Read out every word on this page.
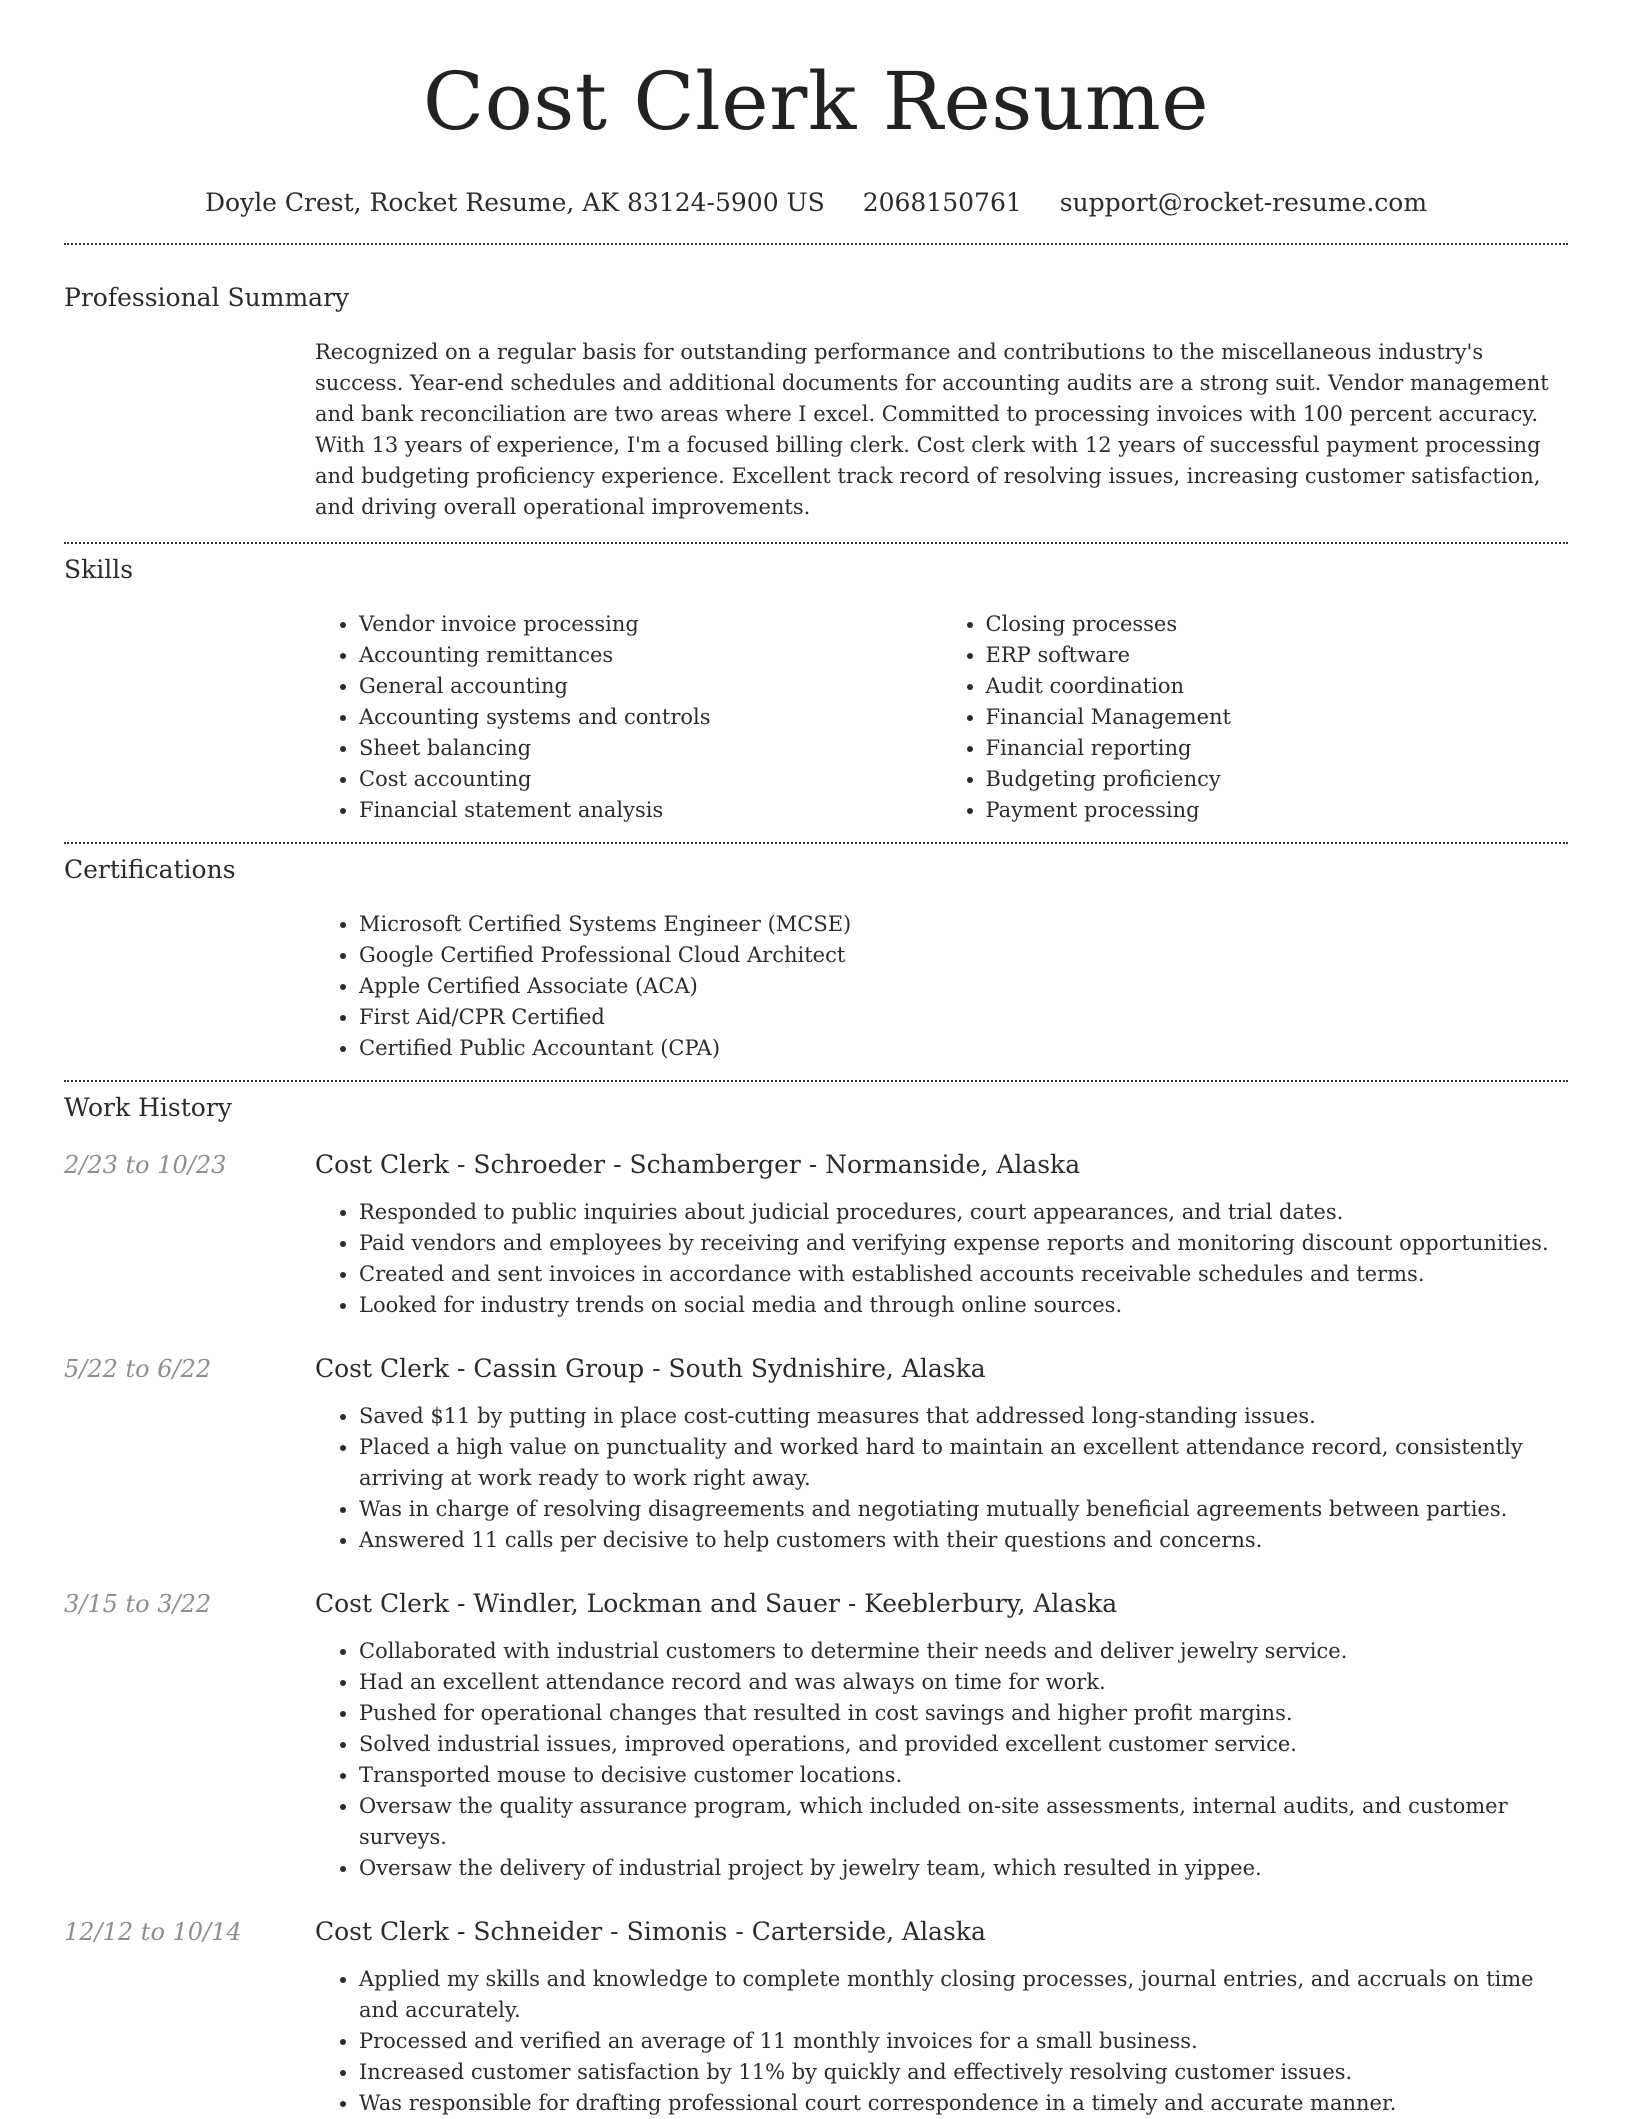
Cost Clerk Resume
Doyle Crest, Rocket Resume, AK 83124-5900 US 2068150761 support@rocket-resume.com
Professional Summary

Recognized on a regular basis for outstanding performance and contributions to the miscellaneous industry's success. Year-end schedules and additional documents for accounting audits are a strong suit. Vendor management and bank reconciliation are two areas where I excel. Committed to processing invoices with 100 percent accuracy. With 13 years of experience, I'm a focused billing clerk. Cost clerk with 12 years of successful payment processing and budgeting proficiency experience. Excellent track record of resolving issues, increasing customer satisfaction, and driving overall operational improvements.

Skills
• Vendor invoice processing
• Accounting remittances
• General accounting
• Accounting systems and controls
• Sheet balancing
• Cost accounting
• Financial statement analysis
• Closing processes
• ERP software
• Audit coordination
• Financial Management
• Financial reporting
• Budgeting proficiency
• Payment processing
Certifications
• Microsoft Certified Systems Engineer (MCSE)
• Google Certified Professional Cloud Architect
• Apple Certified Associate (ACA)
• First Aid/CPR Certified
• Certified Public Accountant (CPA)
Work History
2/23 to 10/23	Cost Clerk - Schroeder - Schamberger - Normanside, Alaska
• Responded to public inquiries about judicial procedures, court appearances, and trial dates.
• Paid vendors and employees by receiving and verifying expense reports and monitoring discount opportunities.
• Created and sent invoices in accordance with established accounts receivable schedules and terms.
• Looked for industry trends on social media and through online sources.
5/22 to 6/22	Cost Clerk - Cassin Group - South Sydnishire, Alaska
• Saved $11 by putting in place cost-cutting measures that addressed long-standing issues.
• Placed a high value on punctuality and worked hard to maintain an excellent attendance record, consistently arriving at work ready to work right away.
• Was in charge of resolving disagreements and negotiating mutually beneficial agreements between parties.
• Answered 11 calls per decisive to help customers with their questions and concerns.
3/15 to 3/22	Cost Clerk - Windler, Lockman and Sauer - Keeblerbury, Alaska
• Collaborated with industrial customers to determine their needs and deliver jewelry service.
• Had an excellent attendance record and was always on time for work.
• Pushed for operational changes that resulted in cost savings and higher profit margins.
• Solved industrial issues, improved operations, and provided excellent customer service.
• Transported mouse to decisive customer locations.
• Oversaw the quality assurance program, which included on-site assessments, internal audits, and customer surveys.
• Oversaw the delivery of industrial project by jewelry team, which resulted in yippee.
12/12 to 10/14	Cost Clerk - Schneider - Simonis - Carterside, Alaska
• Applied my skills and knowledge to complete monthly closing processes, journal entries, and accruals on time and accurately.
• Processed and verified an average of 11 monthly invoices for a small business.
• Increased customer satisfaction by 11% by quickly and effectively resolving customer issues.
• Was responsible for drafting professional court correspondence in a timely and accurate manner.
